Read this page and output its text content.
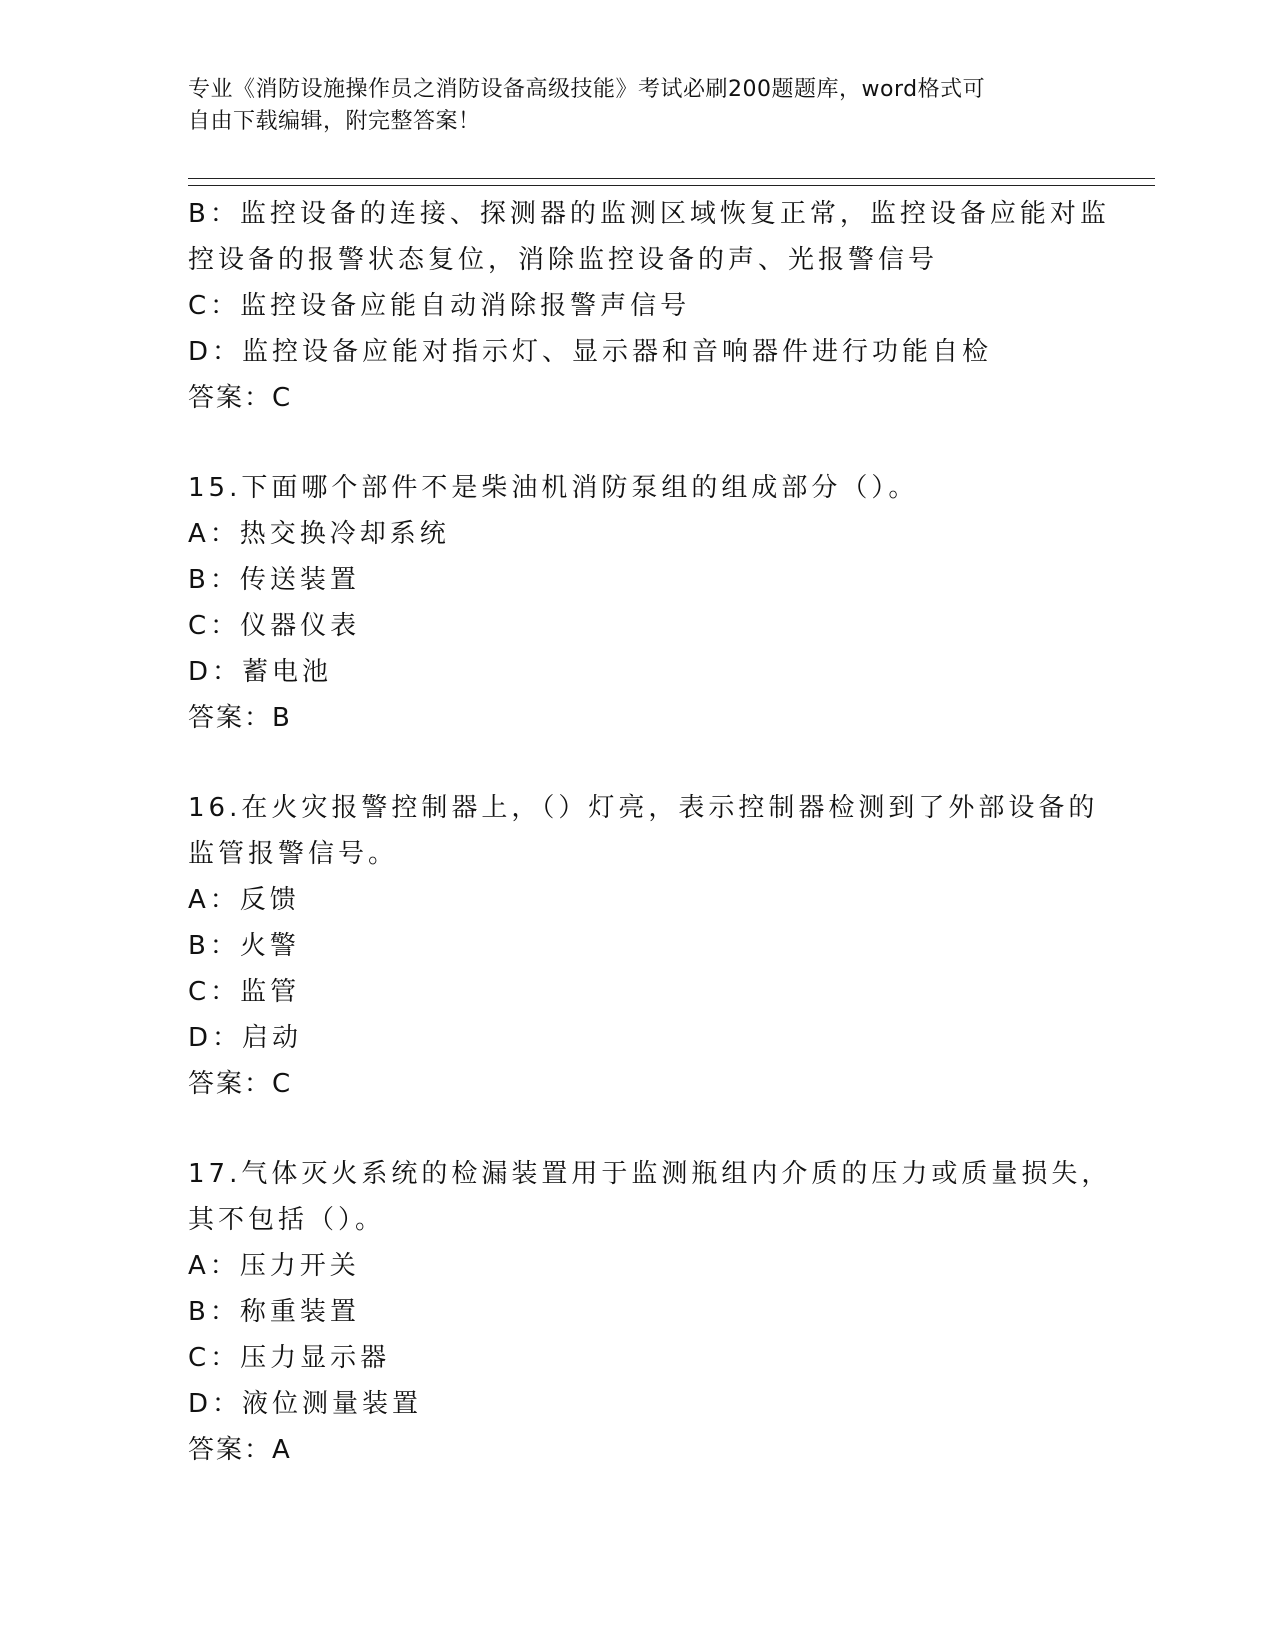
专业《消防设施操作员之消防设备高级技能》考试必刷200题题库，word格式可
自由下载编辑，附完整答案！

B：监控设备的连接、探测器的监测区域恢复正常，监控设备应能对监

控设备的报警状态复位，消除监控设备的声、光报警信号

C：监控设备应能自动消除报警声信号

D：监控设备应能对指示灯、显示器和音响器件进行功能自检

答案：C

15.下面哪个部件不是柴油机消防泵组的组成部分（）。

A：热交换冷却系统

B：传送装置

C：仪器仪表

D：蓄电池

答案：B

16.在火灾报警控制器上，（）灯亮，表示控制器检测到了外部设备的

监管报警信号。

A：反馈

B：火警

C：监管

D：启动

答案：C

17.气体灭火系统的检漏装置用于监测瓶组内介质的压力或质量损失，

其不包括（）。

A：压力开关

B：称重装置

C：压力显示器

D：液位测量装置

答案：A
